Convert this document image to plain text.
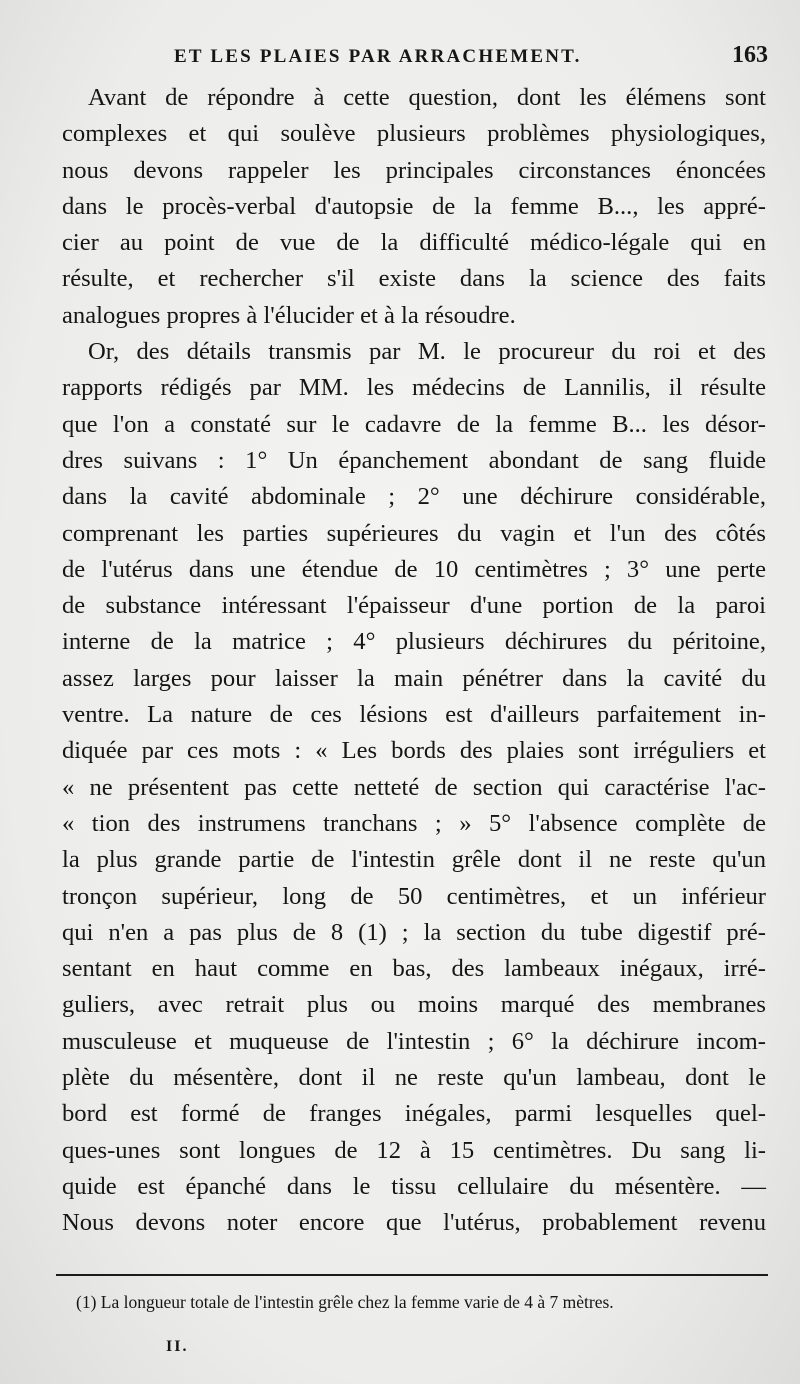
ET LES PLAIES PAR ARRACHEMENT.	163

Avant de répondre à cette question, dont les élémens sont
complexes et qui soulève plusieurs problèmes physiologiques,
nous devons rappeler les principales circonstances énoncées
dans le procès-verbal d'autopsie de la femme B..., les appré-
cier au point de vue de la difficulté médico-légale qui en
résulte, et rechercher s'il existe dans la science des faits
analogues propres à l'élucider et à la résoudre.

Or, des détails transmis par M. le procureur du roi et des
rapports rédigés par MM. les médecins de Lannilis, il résulte
que l'on a constaté sur le cadavre de la femme B... les désor-
dres suivans : 1° Un épanchement abondant de sang fluide
dans la cavité abdominale ; 2° une déchirure considérable,
comprenant les parties supérieures du vagin et l'un des côtés
de l'utérus dans une étendue de 10 centimètres ; 3° une perte
de substance intéressant l'épaisseur d'une portion de la paroi
interne de la matrice ; 4° plusieurs déchirures du péritoine,
assez larges pour laisser la main pénétrer dans la cavité du
ventre. La nature de ces lésions est d'ailleurs parfaitement in-
diquée par ces mots : « Les bords des plaies sont irréguliers et
« ne présentent pas cette netteté de section qui caractérise l'ac-
« tion des instrumens tranchans ; » 5° l'absence complète de
la plus grande partie de l'intestin grêle dont il ne reste qu'un
tronçon supérieur, long de 50 centimètres, et un inférieur
qui n'en a pas plus de 8 (1) ; la section du tube digestif pré-
sentant en haut comme en bas, des lambeaux inégaux, irré-
guliers, avec retrait plus ou moins marqué des membranes
musculeuse et muqueuse de l'intestin ; 6° la déchirure incom-
plète du mésentère, dont il ne reste qu'un lambeau, dont le
bord est formé de franges inégales, parmi lesquelles quel-
ques-unes sont longues de 12 à 15 centimètres. Du sang li-
quide est épanché dans le tissu cellulaire du mésentère. —
Nous devons noter encore que l'utérus, probablement revenu

(1) La longueur totale de l'intestin grêle chez la femme varie de 4 à 7 mètres.
II.
